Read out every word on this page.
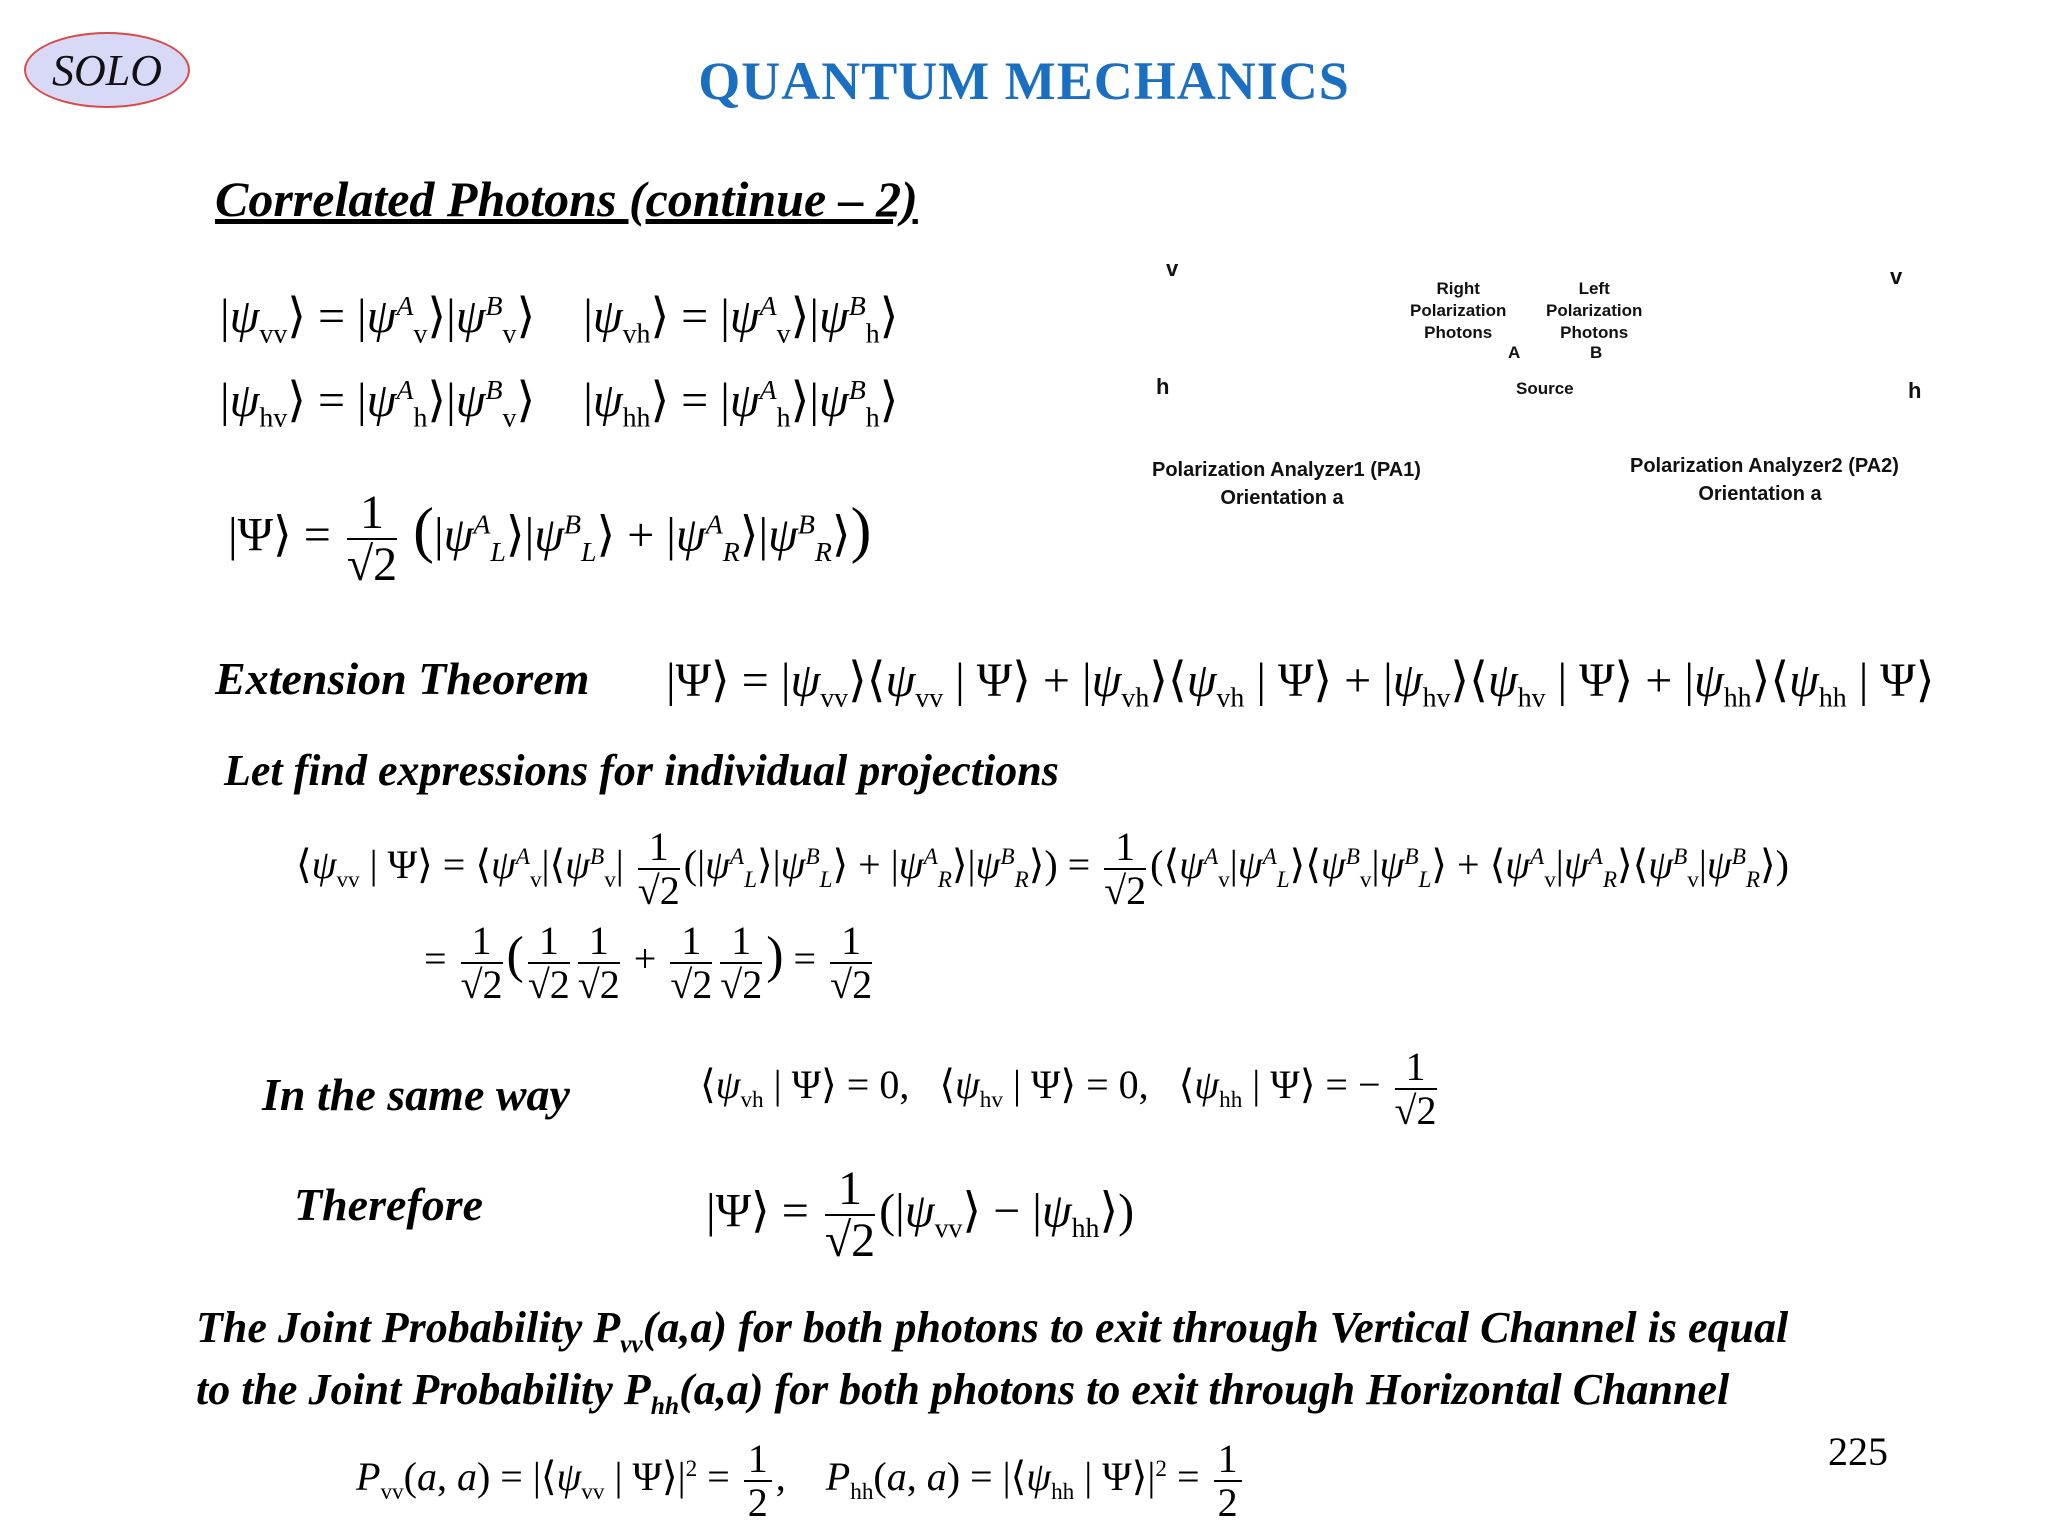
SOLO	QUANTUM MECHANICS
Correlated Photons (continue – 2)
$|\psi_{vv}⟩$ = $|\psi^A_v⟩|\psi^B_v⟩$    $|\psi_{vh}⟩$ = $|\psi^A_v⟩|\psi^B_h⟩$
$|\psi_{hv}⟩$ = $|\psi^A_h⟩|\psi^B_v⟩$    $|\psi_{hh}⟩$ = $|\psi^A_h⟩|\psi^B_h⟩$
|Ψ⟩ = $\frac{1}{√2}$ ($|\psi^A_L⟩|\psi^B_L⟩$ + $|\psi^A_R⟩|\psi^B_R⟩$)
v
h
v
h
Right
Polarization
Photons
Left
Polarization
Photons
A	B
Source
Polarization Analyzer1 (PA1)
Orientation a
Polarization Analyzer2 (PA2)
Orientation a
Extension Theorem |Ψ⟩ = $|\psi_{vv}⟩⟨\psi_{vv}$ | Ψ⟩ + $|\psi_{vh}⟩⟨\psi_{vh}$ | Ψ⟩ + $|\psi_{hv}⟩⟨\psi_{hv}$ | Ψ⟩ + $|\psi_{hh}⟩⟨\psi_{hh}$ | Ψ⟩
Let find expressions for individual projections
$⟨\psi_{vv}$ | Ψ⟩ = $⟨\psi^A_v|⟨\psi^B_v| \frac{1}{√2}$ ($|\psi^A_L⟩|\psi^B_L⟩$ + $|\psi^A_R⟩|\psi^B_R⟩) = \frac{1}{√2}$ ($⟨\psi^A_v|\psi^A_L⟩⟨\psi^B_v|\psi^B_L⟩$ + $⟨\psi^A_v|\psi^A_R⟩⟨\psi^B_v|\psi^B_R⟩$)
= $\frac{1}{√2}$ ( $\frac{1}{√2} \frac{1}{√2} + \frac{1}{√2} \frac{1}{√2}$ ) = $\frac{1}{√2}$
In the same way	$⟨\psi_{vh}$ | Ψ⟩ = 0,   $⟨\psi_{hv}$ | Ψ⟩ = 0,   $⟨\psi_{hh}$ | Ψ⟩ = − $\frac{1}{√2}$
Therefore	|Ψ⟩ = $\frac{1}{√2}$ ($|\psi_{vv}⟩$ − $|\psi_{hh}⟩$)
The Joint Probability $P_{vv}(a,a)$ for both photons to exit through Vertical Channel is equal
to the Joint Probability $P_{hh}(a,a)$ for both photons to exit through Horizontal Channel
$P_{vv}(a$, $a) = |⟨\psi_{vv}$ | $\Psi⟩|^2 = \frac{1}{2}$ ,    $P_{hh}(a$, $a) = |⟨\psi_{hh}$ | $\Psi⟩|^2 = \frac{1}{2}$	225
